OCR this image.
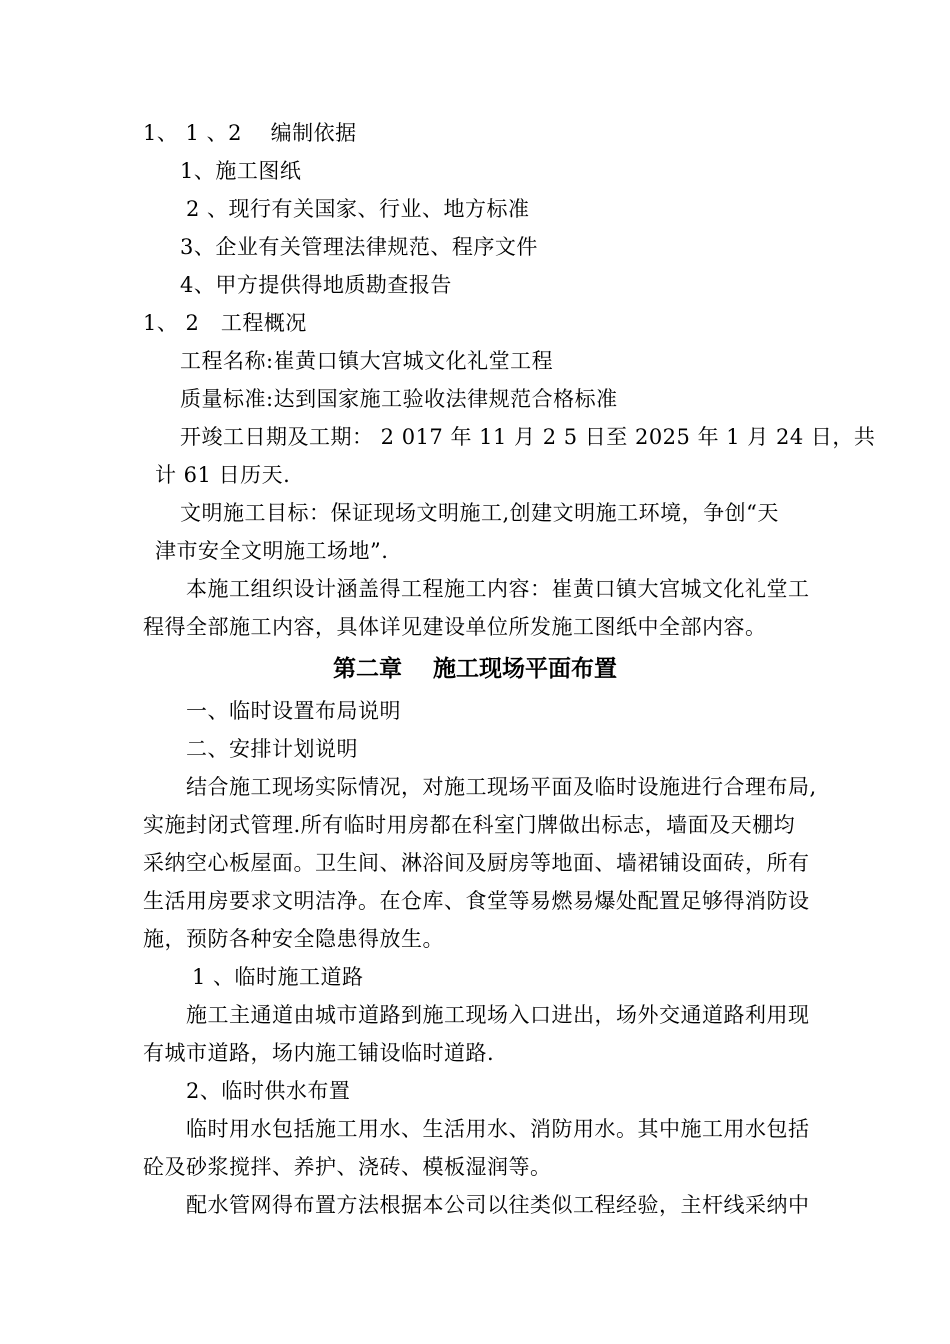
1、 1 、2　 编制依据
1、施工图纸
2 、现行有关国家、行业、地方标准
3、企业有关管理法律规范、程序文件
4、甲方提供得地质勘查报告
1、 2　工程概况
工程名称:崔黄口镇大宫城文化礼堂工程
质量标准:达到国家施工验收法律规范合格标准
开竣工日期及工期： 2 017 年 11 月 2 5 日至 2025 年 1 月 24 日，共
计 61 日历天.
文明施工目标：保证现场文明施工,创建文明施工环境，争创“天
津市安全文明施工场地”.
本施工组织设计涵盖得工程施工内容：崔黄口镇大宫城文化礼堂工
程得全部施工内容，具体详见建设单位所发施工图纸中全部内容。
第二章　 施工现场平面布置
一、临时设置布局说明
二、安排计划说明
结合施工现场实际情况，对施工现场平面及临时设施进行合理布局,
实施封闭式管理.所有临时用房都在科室门牌做出标志，墙面及天棚均
采纳空心板屋面。卫生间、淋浴间及厨房等地面、墙裙铺设面砖，所有
生活用房要求文明洁净。在仓库、食堂等易燃易爆处配置足够得消防设
施，预防各种安全隐患得放生。
1 、临时施工道路
施工主通道由城市道路到施工现场入口进出，场外交通道路利用现
有城市道路，场内施工铺设临时道路.
2、临时供水布置
临时用水包括施工用水、生活用水、消防用水。其中施工用水包括
砼及砂浆搅拌、养护、浇砖、模板湿润等。
配水管网得布置方法根据本公司以往类似工程经验，主杆线采纳中
